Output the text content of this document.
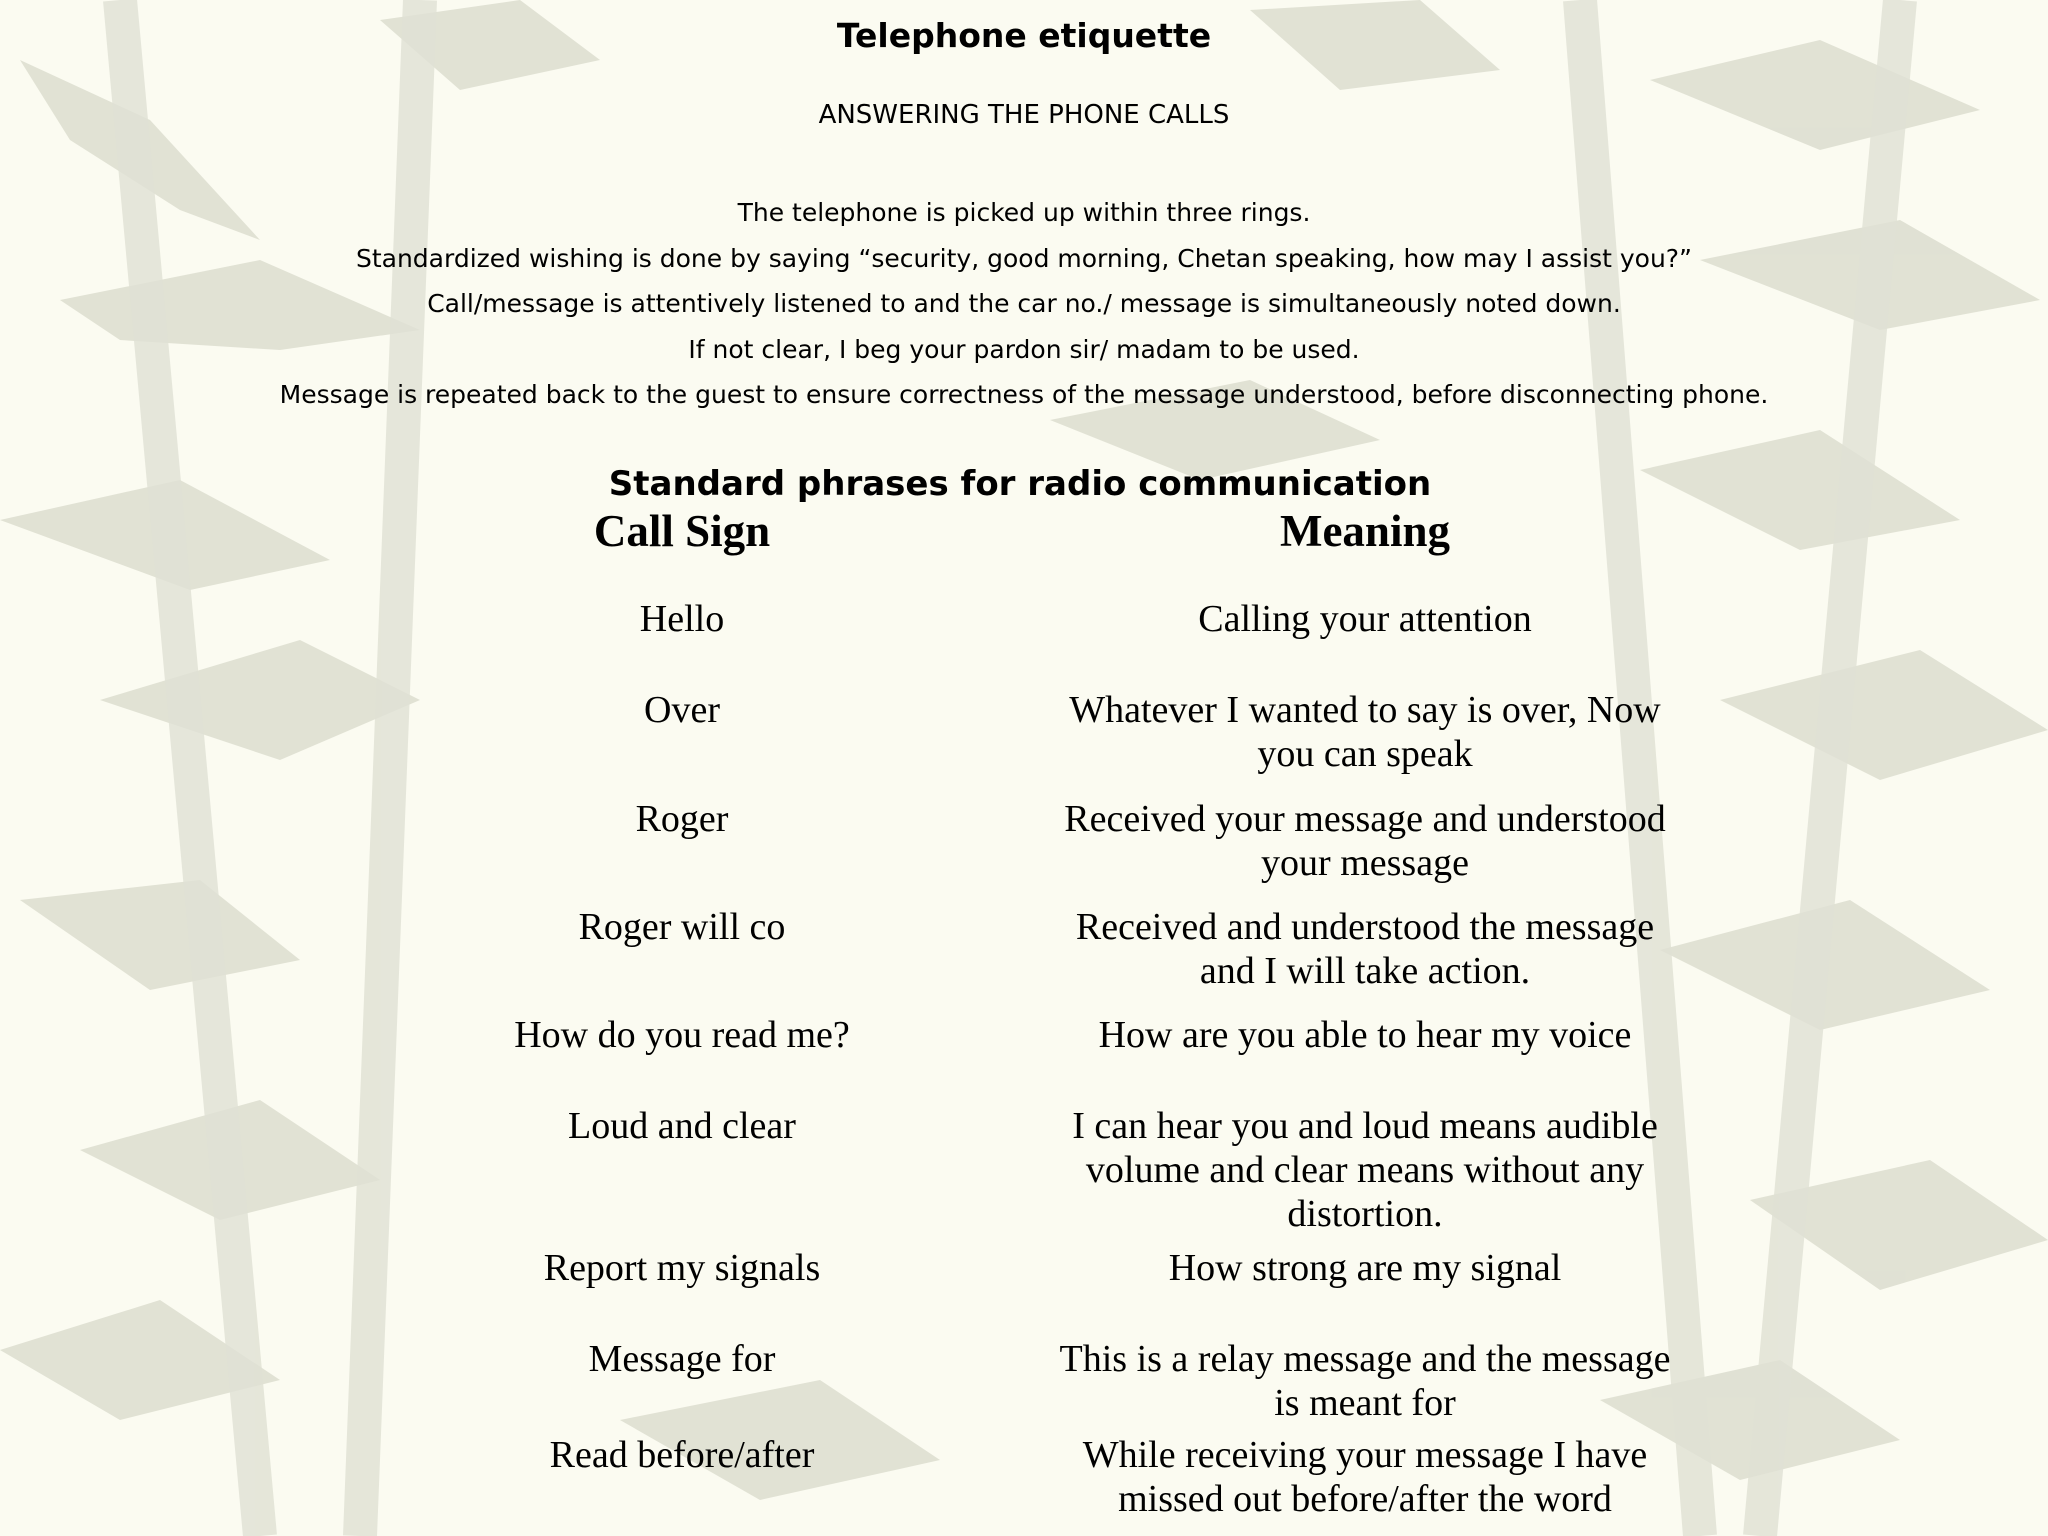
Telephone etiquette
ANSWERING THE PHONE CALLS
The telephone is picked up within three rings.
Standardized wishing is done by saying “security, good morning, Chetan speaking, how may I assist you?”
Call/message is attentively listened to and the car no./ message is simultaneously noted down.
If not clear, I beg your pardon sir/ madam to be used.
Message is repeated back to the guest to ensure correctness of the message understood, before disconnecting phone.
Standard phrases for radio communication
Call Sign	Meaning
Hello	Calling your attention
Over	Whatever I wanted to say is over, Now
you can speak
Roger	Received your message and understood
your message
Roger will co	Received and understood the message
and I will take action.
How do you read me?	How are you able to hear my voice
Loud and clear	I can hear you and loud means audible
volume and clear means without any
distortion.
Report my signals	How strong are my signal
Message for	This is a relay message and the message
is meant for
Read before/after	While receiving your message I have
missed out before/after the word
